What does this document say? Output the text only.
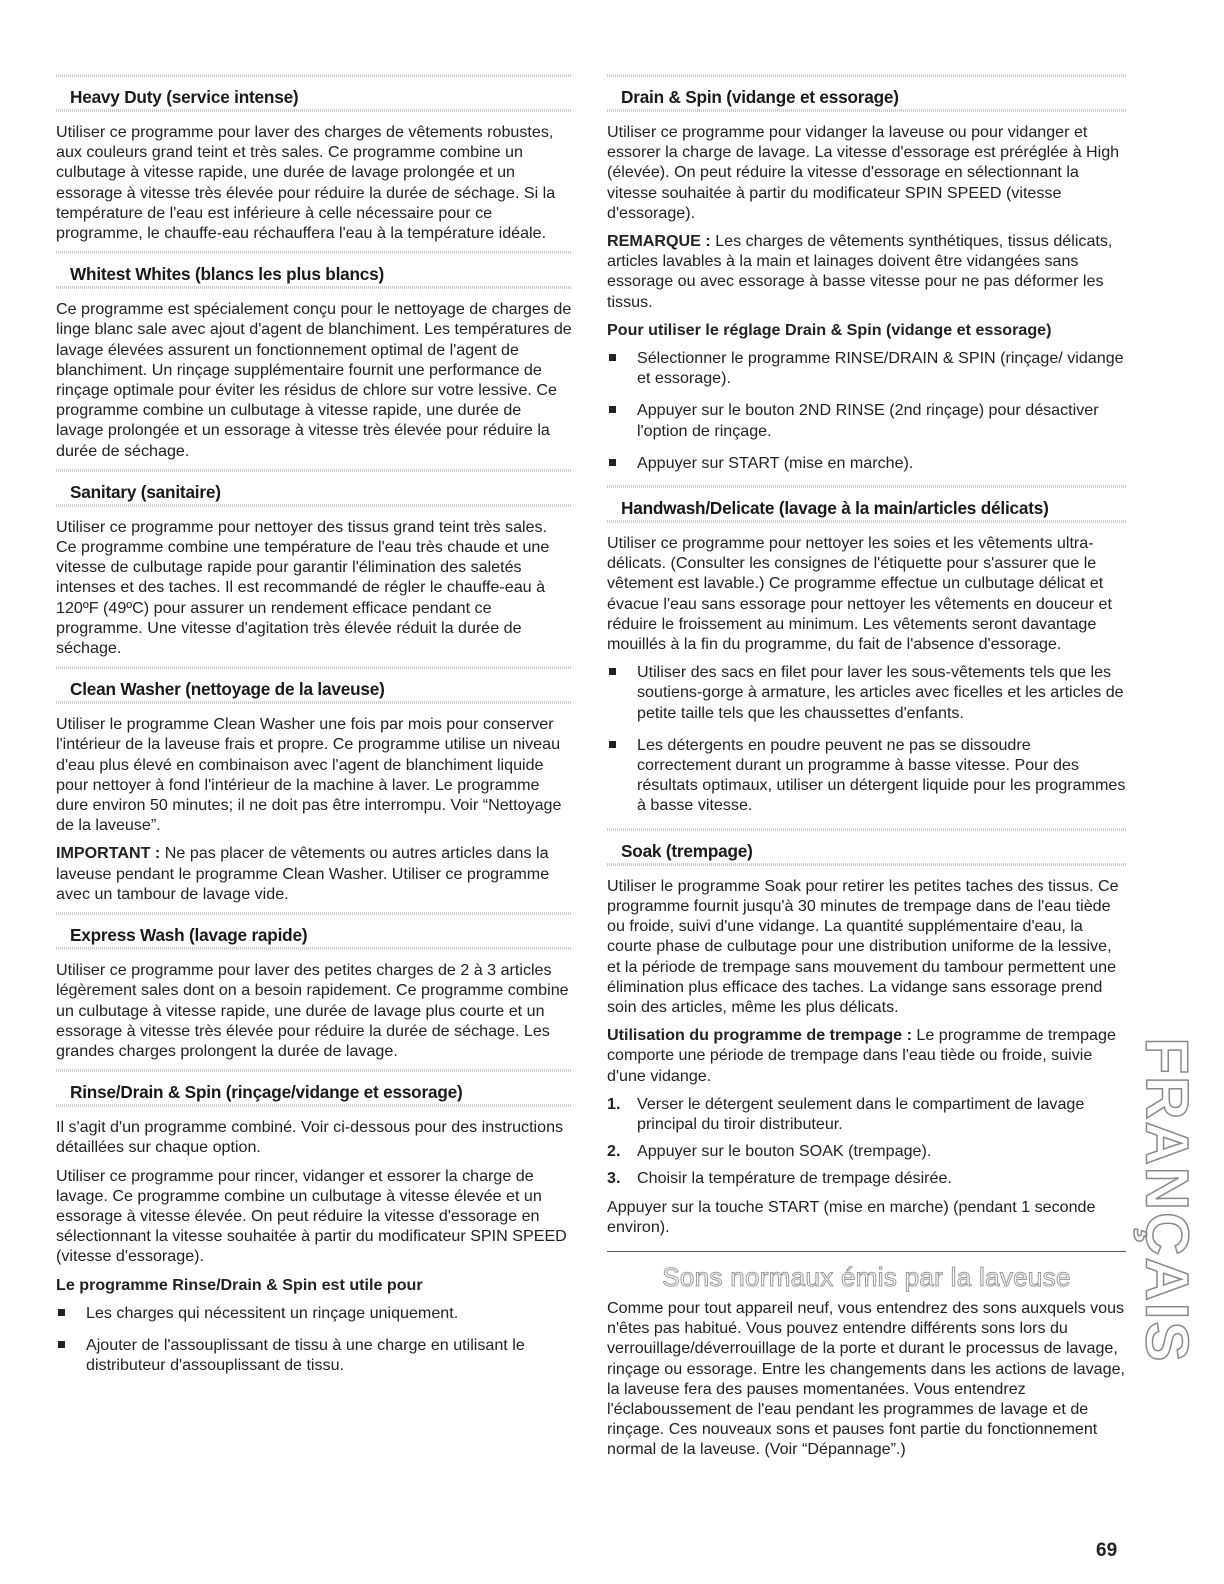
Heavy Duty (service intense)

Utiliser ce programme pour laver des charges de vêtements robustes, aux couleurs grand teint et très sales. Ce programme combine un culbutage à vitesse rapide, une durée de lavage prolongée et un essorage à vitesse très élevée pour réduire la durée de séchage. Si la température de l'eau est inférieure à celle nécessaire pour ce programme, le chauffe-eau réchauffera l'eau à la température idéale.

Whitest Whites (blancs les plus blancs)

Ce programme est spécialement conçu pour le nettoyage de charges de linge blanc sale avec ajout d'agent de blanchiment. Les températures de lavage élevées assurent un fonctionnement optimal de l'agent de blanchiment. Un rinçage supplémentaire fournit une performance de rinçage optimale pour éviter les résidus de chlore sur votre lessive. Ce programme combine un culbutage à vitesse rapide, une durée de lavage prolongée et un essorage à vitesse très élevée pour réduire la durée de séchage.

Sanitary (sanitaire)

Utiliser ce programme pour nettoyer des tissus grand teint très sales. Ce programme combine une température de l'eau très chaude et une vitesse de culbutage rapide pour garantir l'élimination des saletés intenses et des taches. Il est recommandé de régler le chauffe-eau à 120ºF (49ºC) pour assurer un rendement efficace pendant ce programme. Une vitesse d'agitation très élevée réduit la durée de séchage.

Clean Washer (nettoyage de la laveuse)

Utiliser le programme Clean Washer une fois par mois pour conserver l'intérieur de la laveuse frais et propre. Ce programme utilise un niveau d'eau plus élevé en combinaison avec l'agent de blanchiment liquide pour nettoyer à fond l'intérieur de la machine à laver. Le programme dure environ 50 minutes; il ne doit pas être interrompu. Voir “Nettoyage de la laveuse”.

IMPORTANT : Ne pas placer de vêtements ou autres articles dans la laveuse pendant le programme Clean Washer. Utiliser ce programme avec un tambour de lavage vide.

Express Wash (lavage rapide)

Utiliser ce programme pour laver des petites charges de 2 à 3 articles légèrement sales dont on a besoin rapidement. Ce programme combine un culbutage à vitesse rapide, une durée de lavage plus courte et un essorage à vitesse très élevée pour réduire la durée de séchage. Les grandes charges prolongent la durée de lavage.

Rinse/Drain & Spin (rinçage/vidange et essorage)

Il s'agit d'un programme combiné. Voir ci-dessous pour des instructions détaillées sur chaque option.

Utiliser ce programme pour rincer, vidanger et essorer la charge de lavage. Ce programme combine un culbutage à vitesse élevée et un essorage à vitesse élevée. On peut réduire la vitesse d'essorage en sélectionnant la vitesse souhaitée à partir du modificateur SPIN SPEED (vitesse d'essorage).

Le programme Rinse/Drain & Spin est utile pour
Les charges qui nécessitent un rinçage uniquement.
Ajouter de l'assouplissant de tissu à une charge en utilisant le distributeur d'assouplissant de tissu.
Drain & Spin (vidange et essorage)

Utiliser ce programme pour vidanger la laveuse ou pour vidanger et essorer la charge de lavage. La vitesse d'essorage est préréglée à High (élevée). On peut réduire la vitesse d'essorage en sélectionnant la vitesse souhaitée à partir du modificateur SPIN SPEED (vitesse d'essorage).

REMARQUE : Les charges de vêtements synthétiques, tissus délicats, articles lavables à la main et lainages doivent être vidangées sans essorage ou avec essorage à basse vitesse pour ne pas déformer les tissus.

Pour utiliser le réglage Drain & Spin (vidange et essorage)
Sélectionner le programme RINSE/DRAIN & SPIN (rinçage/ vidange et essorage).
Appuyer sur le bouton 2ND RINSE (2nd rinçage) pour désactiver l'option de rinçage.
Appuyer sur START (mise en marche).
Handwash/Delicate (lavage à la main/articles délicats)

Utiliser ce programme pour nettoyer les soies et les vêtements ultra-délicats. (Consulter les consignes de l'étiquette pour s'assurer que le vêtement est lavable.) Ce programme effectue un culbutage délicat et évacue l'eau sans essorage pour nettoyer les vêtements en douceur et réduire le froissement au minimum. Les vêtements seront davantage mouillés à la fin du programme, du fait de l'absence d'essorage.

Utiliser des sacs en filet pour laver les sous-vêtements tels que les soutiens-gorge à armature, les articles avec ficelles et les articles de petite taille tels que les chaussettes d'enfants.
Les détergents en poudre peuvent ne pas se dissoudre correctement durant un programme à basse vitesse. Pour des résultats optimaux, utiliser un détergent liquide pour les programmes à basse vitesse.
Soak (trempage)

Utiliser le programme Soak pour retirer les petites taches des tissus. Ce programme fournit jusqu'à 30 minutes de trempage dans de l'eau tiède ou froide, suivi d'une vidange. La quantité supplémentaire d'eau, la courte phase de culbutage pour une distribution uniforme de la lessive, et la période de trempage sans mouvement du tambour permettent une élimination plus efficace des taches. La vidange sans essorage prend soin des articles, même les plus délicats.

Utilisation du programme de trempage : Le programme de trempage comporte une période de trempage dans l'eau tiède ou froide, suivie d'une vidange.

1. Verser le détergent seulement dans le compartiment de lavage principal du tiroir distributeur.
2. Appuyer sur le bouton SOAK (trempage).
3. Choisir la température de trempage désirée.

Appuyer sur la touche START (mise en marche) (pendant 1 seconde environ).

Sons normaux émis par la laveuse

Comme pour tout appareil neuf, vous entendrez des sons auxquels vous n'êtes pas habitué. Vous pouvez entendre différents sons lors du verrouillage/déverrouillage de la porte et durant le processus de lavage, rinçage ou essorage. Entre les changements dans les actions de lavage, la laveuse fera des pauses momentanées. Vous entendrez l'éclaboussement de l'eau pendant les programmes de lavage et de rinçage. Ces nouveaux sons et pauses font partie du fonctionnement normal de la laveuse. (Voir “Dépannage”.)

FRANÇAIS
69
